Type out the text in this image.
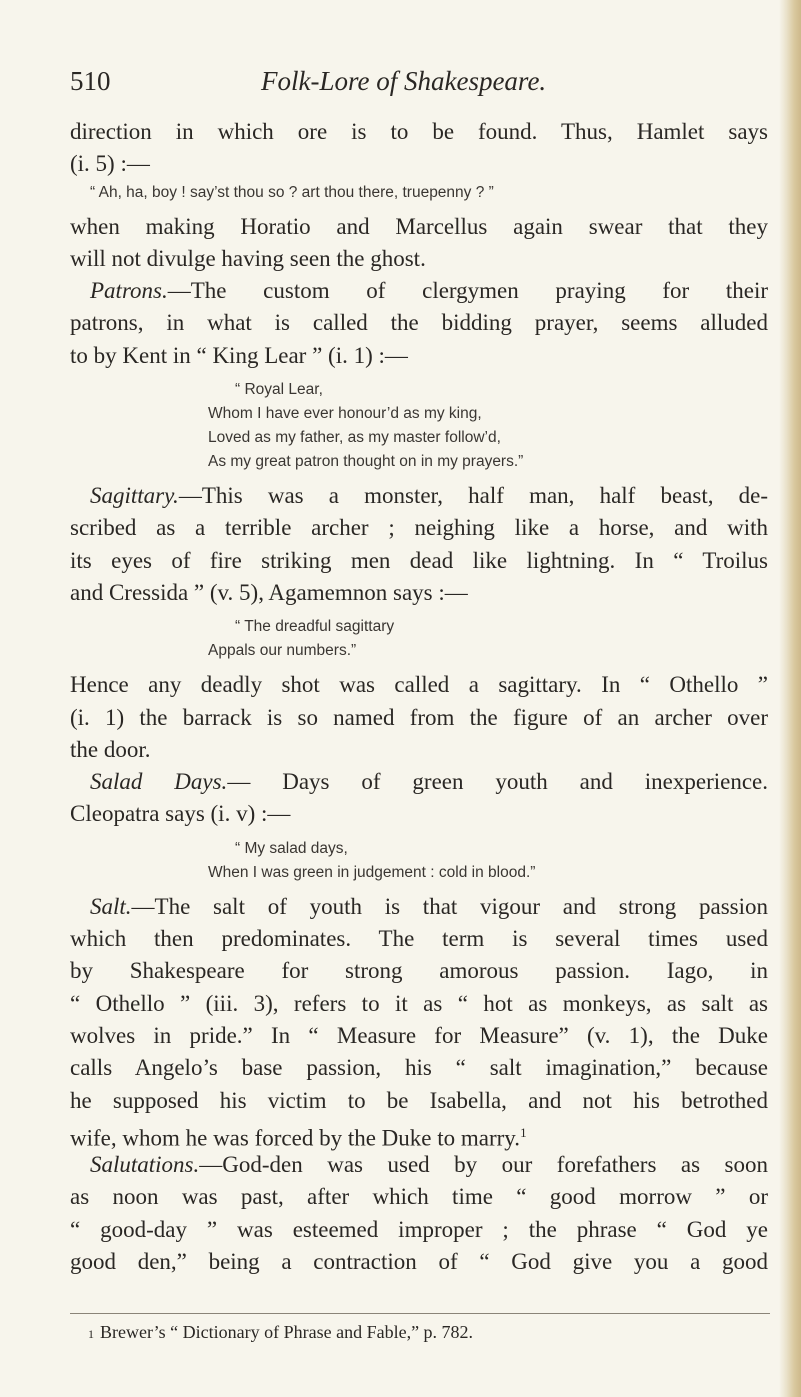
510	Folk-Lore of Shakespeare.
direction in which ore is to be found. Thus, Hamlet says
(i. 5) :—
“ Ah, ha, boy ! say’st thou so ? art thou there, truepenny ? ”
when making Horatio and Marcellus again swear that they
will not divulge having seen the ghost.
Patrons.—The custom of clergymen praying for their
patrons, in what is called the bidding prayer, seems alluded
to by Kent in “ King Lear ” (i. 1) :—
“ Royal Lear,
Whom I have ever honour’d as my king,
Loved as my father, as my master follow’d,
As my great patron thought on in my prayers.”
Sagittary.—This was a monster, half man, half beast, de-
scribed as a terrible archer ; neighing like a horse, and with
its eyes of fire striking men dead like lightning. In “ Troilus
and Cressida ” (v. 5), Agamemnon says :—
“ The dreadful sagittary
Appals our numbers.”
Hence any deadly shot was called a sagittary. In “ Othello ”
(i. 1) the barrack is so named from the figure of an archer over
the door.
Salad Days.— Days of green youth and inexperience.
Cleopatra says (i. v) :—
“ My salad days,
When I was green in judgement : cold in blood.”
Salt.—The salt of youth is that vigour and strong passion
which then predominates. The term is several times used
by Shakespeare for strong amorous passion. Iago, in
“ Othello ” (iii. 3), refers to it as “ hot as monkeys, as salt as
wolves in pride.” In “ Measure for Measure” (v. 1), the Duke
calls Angelo’s base passion, his “ salt imagination,” because
he supposed his victim to be Isabella, and not his betrothed
wife, whom he was forced by the Duke to marry.$^1$
Salutations.—God-den was used by our forefathers as soon
as noon was past, after which time “ good morrow ” or
“ good-day ” was esteemed improper ; the phrase “ God ye
good den,” being a contraction of “ God give you a good
$^1$ Brewer’s “ Dictionary of Phrase and Fable,” p. 782.
